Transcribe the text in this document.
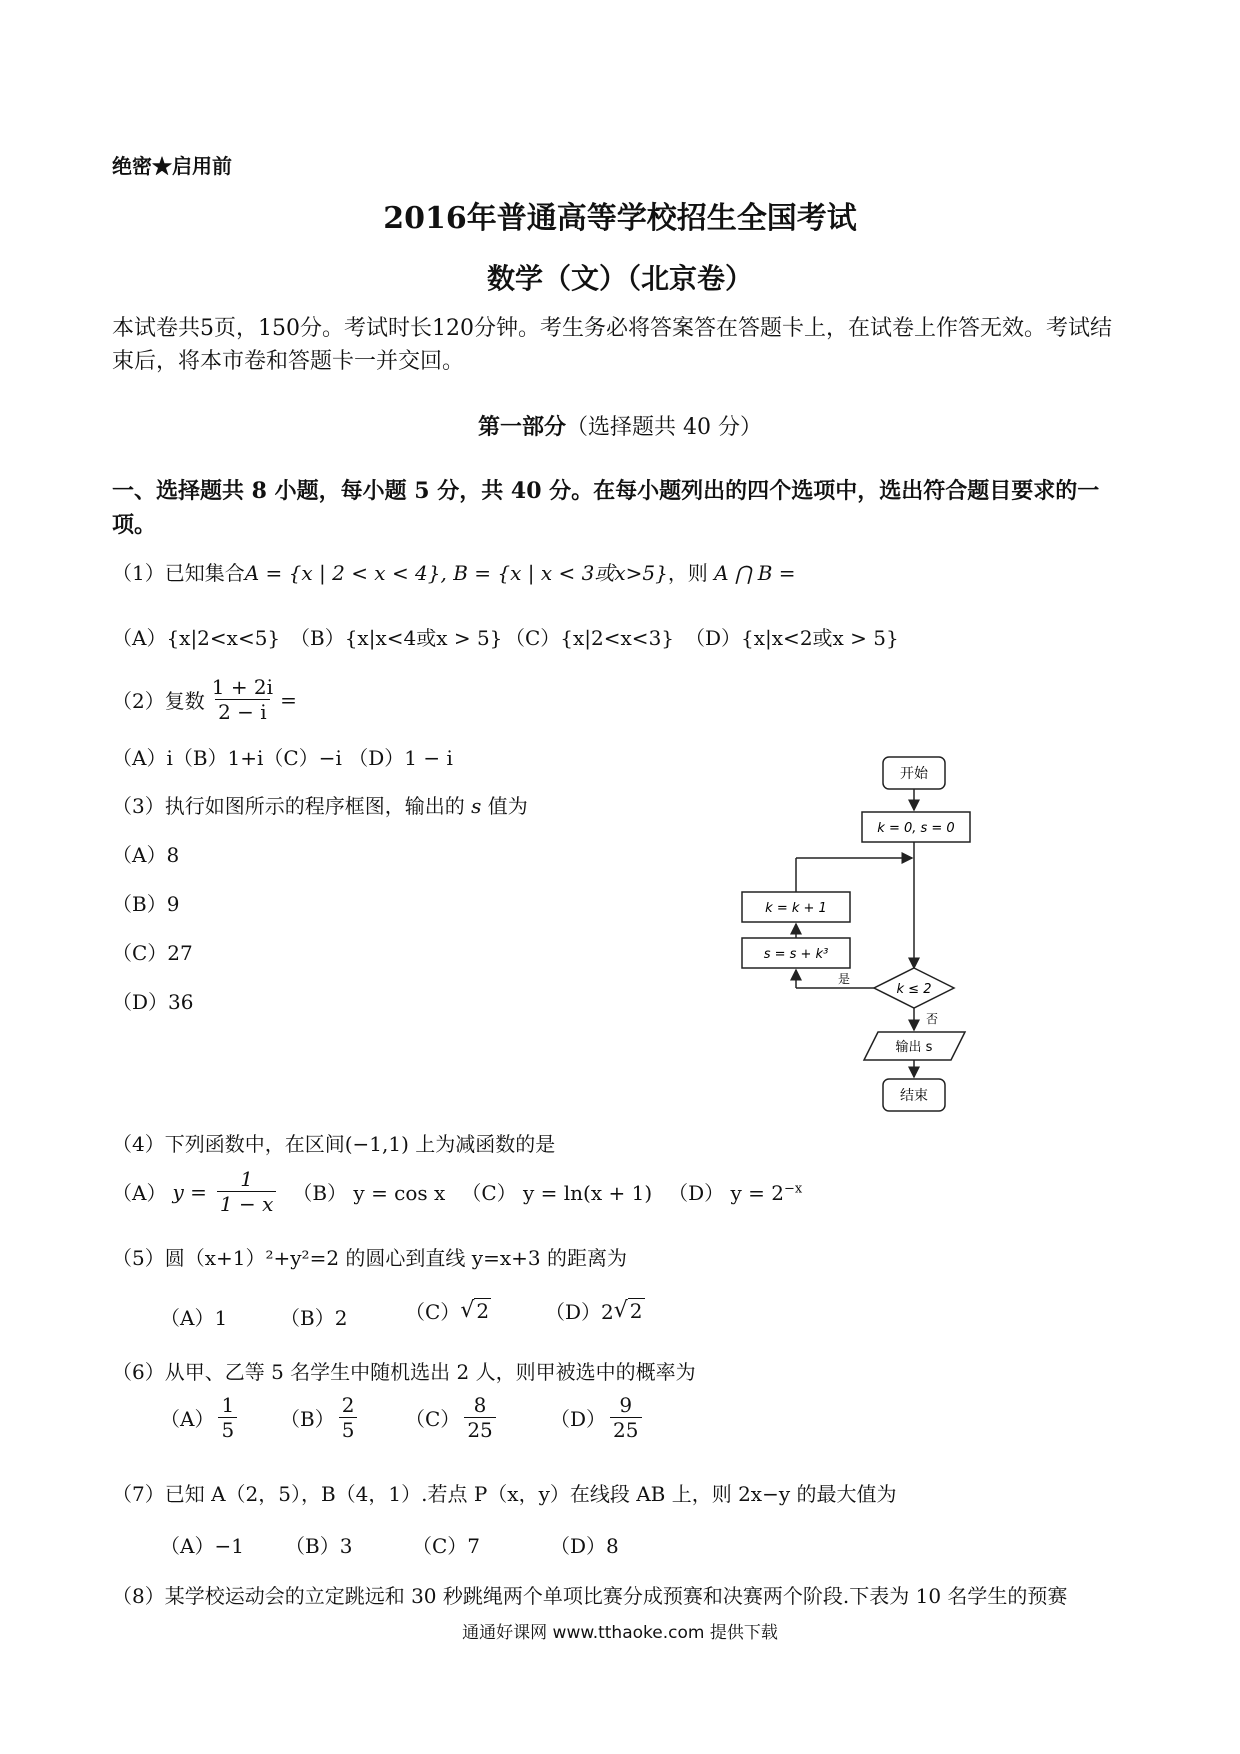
绝密★启用前
2016年普通高等学校招生全国考试
数学（文）（北京卷）
本试卷共5页，150分。考试时长120分钟。考生务必将答案答在答题卡上，在试卷上作答无效。考试结束后，将本市卷和答题卡一并交回。
第一部分（选择题共 40 分）
一、选择题共 8 小题，每小题 5 分，共 40 分。在每小题列出的四个选项中，选出符合题目要求的一项。
（1）已知集合A = {x | 2 < x < 4}, B = {x | x < 3或x>5}，则 A ⋂ B =
（A）{x|2<x<5} （B）{x|x<4或x > 5} （C）{x|2<x<3} （D）{x|x<2或x > 5}
（2）复数 $\frac{1 + 2i}{2 - i}$ =
（A）i（B）1+i（C）−i （D）1 − i
（3）执行如图所示的程序框图，输出的 s 值为
（A）8
（B）9
（C）27
（D）36
开始
k = 0, s = 0
k = k + 1
s = s + k³
是
k ≤ 2
否
输出 s
结束
（4）下列函数中，在区间(−1,1) 上为减函数的是
（A） $y = \frac{1}{1 - x} (B) y = \cos x$ （C） y = ln(x + 1) （D） $y = 2^{-x}$
（5）圆（x+1）²+y²=2 的圆心到直线 y=x+3 的距离为
（A）1	（B）2	（C） √ 2	（D）2 √ 2
（6）从甲、乙等 5 名学生中随机选出 2 人，则甲被选中的概率为
$(A) \frac{1}{5} (B) \frac{2}{5} (C) \frac{8}{25}$	$(D) \frac{9}{25}$
（7）已知 A（2，5），B（4，1）.若点 P（x，y）在线段 AB 上，则 2x−y 的最大值为
（A）−1 （B）3	（C）7	（D）8
（8）某学校运动会的立定跳远和 30 秒跳绳两个单项比赛分成预赛和决赛两个阶段.下表为 10 名学生的预赛
通通好课网 www.tthaoke.com 提供下载
